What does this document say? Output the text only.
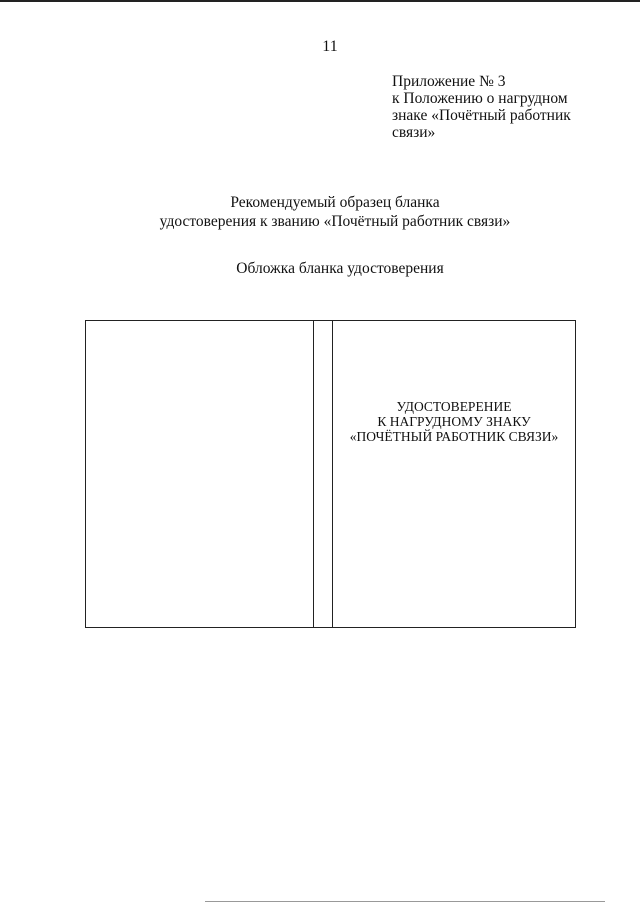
11
Приложение № 3
к Положению о нагрудном
знаке «Почётный работник
связи»
Рекомендуемый образец бланка
удостоверения к званию «Почётный работник связи»
Обложка бланка удостоверения
УДОСТОВЕРЕНИЕ
К НАГРУДНОМУ ЗНАКУ
«ПОЧЁТНЫЙ РАБОТНИК СВЯЗИ»
